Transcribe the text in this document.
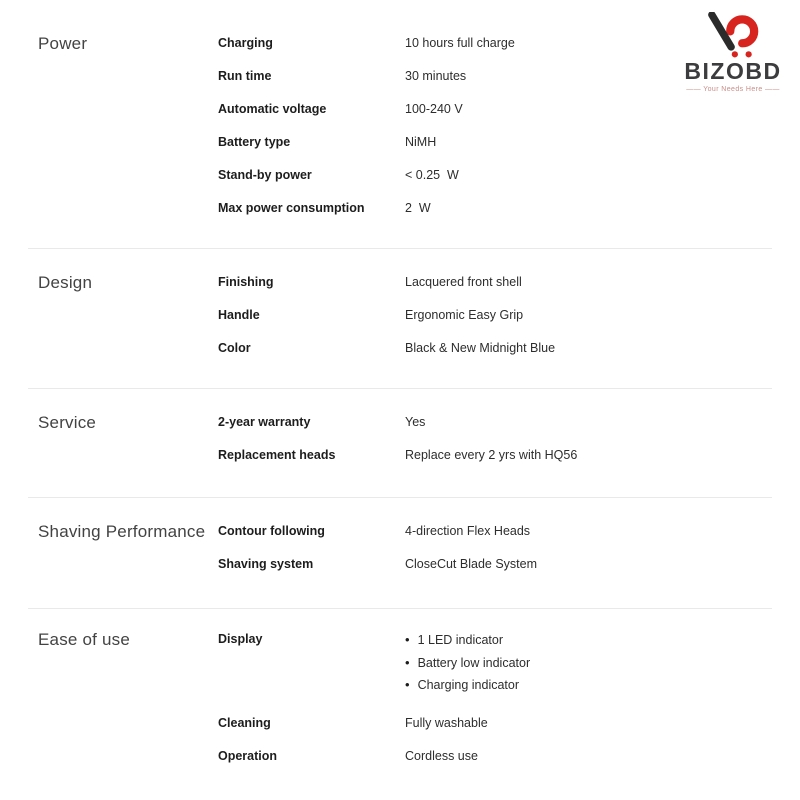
Power	Charging	10 hours full charge
Run time	30 minutes
Automatic voltage	100-240 V
Battery type	NiMH
Stand-by power	< 0.25  W
Max power consumption	2  W
Design	Finishing	Lacquered front shell
Handle	Ergonomic Easy Grip
Color	Black & New Midnight Blue
Service	2-year warranty	Yes
Replacement heads	Replace every 2 yrs with HQ56
Shaving Performance	Contour following	4-direction Flex Heads
Shaving system	CloseCut Blade System
Ease of use	Display	• 1 LED indicator
• Battery low indicator
• Charging indicator
Cleaning	Fully washable
Operation	Cordless use
BIZOBD
—— Your Needs Here ——
